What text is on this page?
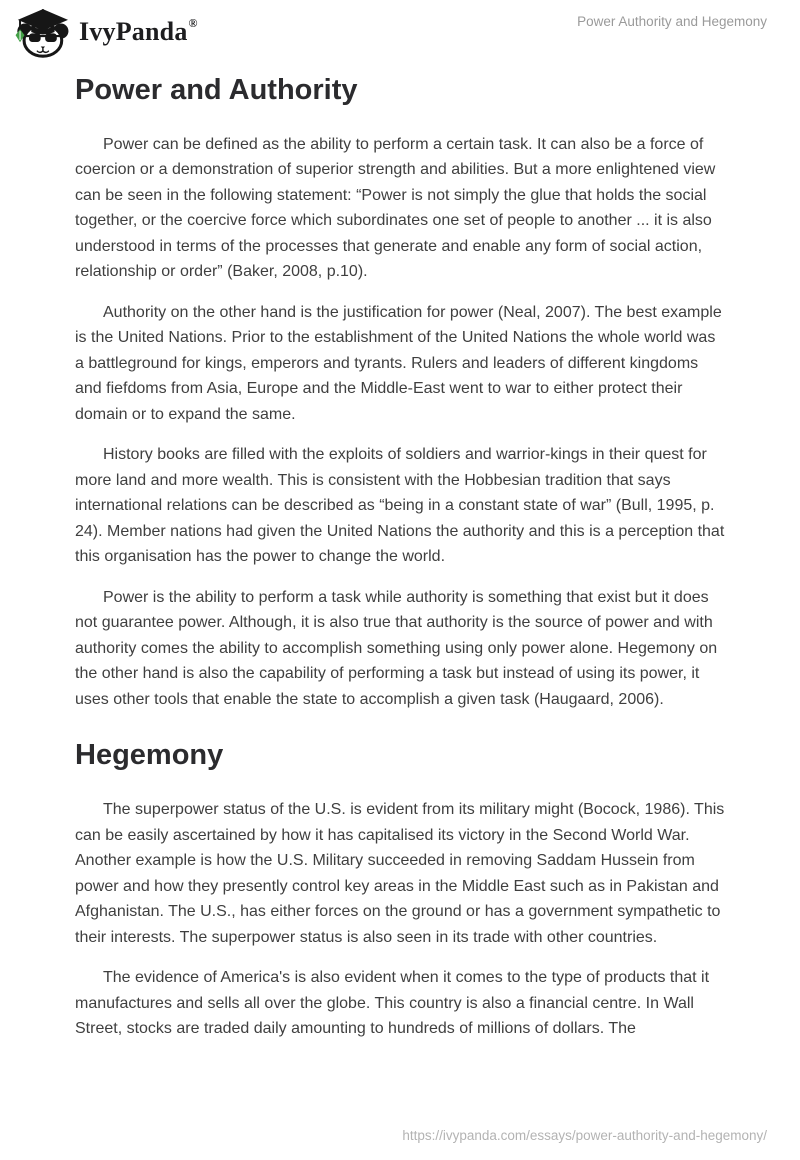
IvyPanda ®	Power Authority and Hegemony
Power and Authority

Power can be defined as the ability to perform a certain task. It can also be a force of coercion or a demonstration of superior strength and abilities. But a more enlightened view can be seen in the following statement: “Power is not simply the glue that holds the social together, or the coercive force which subordinates one set of people to another ... it is also understood in terms of the processes that generate and enable any form of social action, relationship or order” (Baker, 2008, p.10).

Authority on the other hand is the justification for power (Neal, 2007). The best example is the United Nations. Prior to the establishment of the United Nations the whole world was a battleground for kings, emperors and tyrants. Rulers and leaders of different kingdoms and fiefdoms from Asia, Europe and the Middle-East went to war to either protect their domain or to expand the same.

History books are filled with the exploits of soldiers and warrior-kings in their quest for more land and more wealth. This is consistent with the Hobbesian tradition that says international relations can be described as “being in a constant state of war” (Bull, 1995, p. 24). Member nations had given the United Nations the authority and this is a perception that this organisation has the power to change the world.

Power is the ability to perform a task while authority is something that exist but it does not guarantee power. Although, it is also true that authority is the source of power and with authority comes the ability to accomplish something using only power alone. Hegemony on the other hand is also the capability of performing a task but instead of using its power, it uses other tools that enable the state to accomplish a given task (Haugaard, 2006).

Hegemony

The superpower status of the U.S. is evident from its military might (Bocock, 1986). This can be easily ascertained by how it has capitalised its victory in the Second World War. Another example is how the U.S. Military succeeded in removing Saddam Hussein from power and how they presently control key areas in the Middle East such as in Pakistan and Afghanistan. The U.S., has either forces on the ground or has a government sympathetic to their interests. The superpower status is also seen in its trade with other countries.

The evidence of America's is also evident when it comes to the type of products that it manufactures and sells all over the globe. This country is also a financial centre. In Wall Street, stocks are traded daily amounting to hundreds of millions of dollars. The

https://ivypanda.com/essays/power-authority-and-hegemony/
